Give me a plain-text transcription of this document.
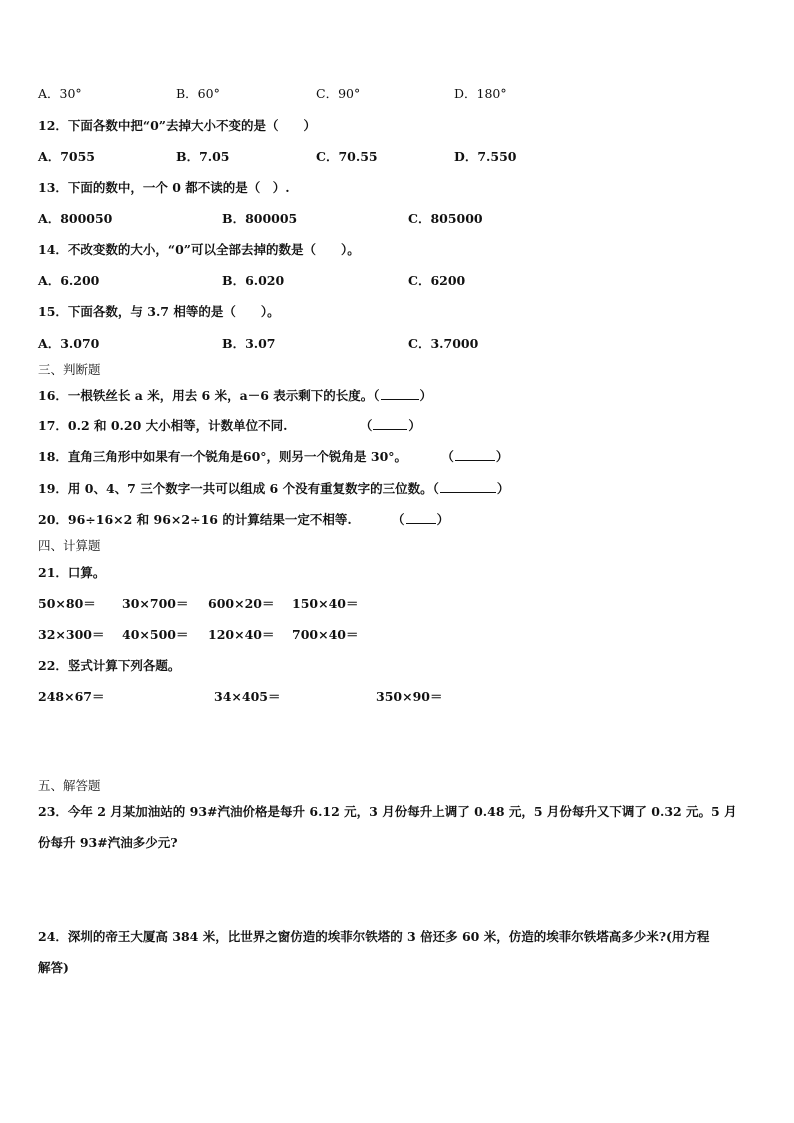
A．30°	B．60°	C．90°	D．180°
12．下面各数中把“0”去掉大小不变的是（　　）
A．7055	B．7.05	C．70.55	D．7.550
13．下面的数中，一个 0 都不读的是（　）.
A．800050	B．800005	C．805000
14．不改变数的大小，“0”可以全部去掉的数是（　　）。
A．6.200	B．6.020	C．6200
15．下面各数，与 3.7 相等的是（　　）。
A．3.070	B．3.07	C．3.7000
三、判断题
16．一根铁丝长 a 米，用去 6 米，a－6 表示剩下的长度。（	）
17．0.2 和 0.20 大小相等，计数单位不同.	（	）
18．直角三角形中如果有一个锐角是60°，则另一个锐角是 30°。	（	）
19．用 0、4、7 三个数字一共可以组成 6 个没有重复数字的三位数。（	）
20．96÷16×2 和 96×2÷16 的计算结果一定不相等.	（	）
四、计算题
21．口算。
50×80＝ 30×700＝ 600×20＝ 150×40＝
32×300＝ 40×500＝ 120×40＝ 700×40＝
22．竖式计算下列各题。
248×67＝	34×405＝	350×90＝
五、解答题
23．今年 2 月某加油站的 93#汽油价格是每升 6.12 元，3 月份每升上调了 0.48 元，5 月份每升又下调了 0.32 元。5 月
份每升 93#汽油多少元?
24．深圳的帝王大厦高 384 米，比世界之窗仿造的埃菲尔铁塔的 3 倍还多 60 米，仿造的埃菲尔铁塔高多少米?(用方程
解答)
